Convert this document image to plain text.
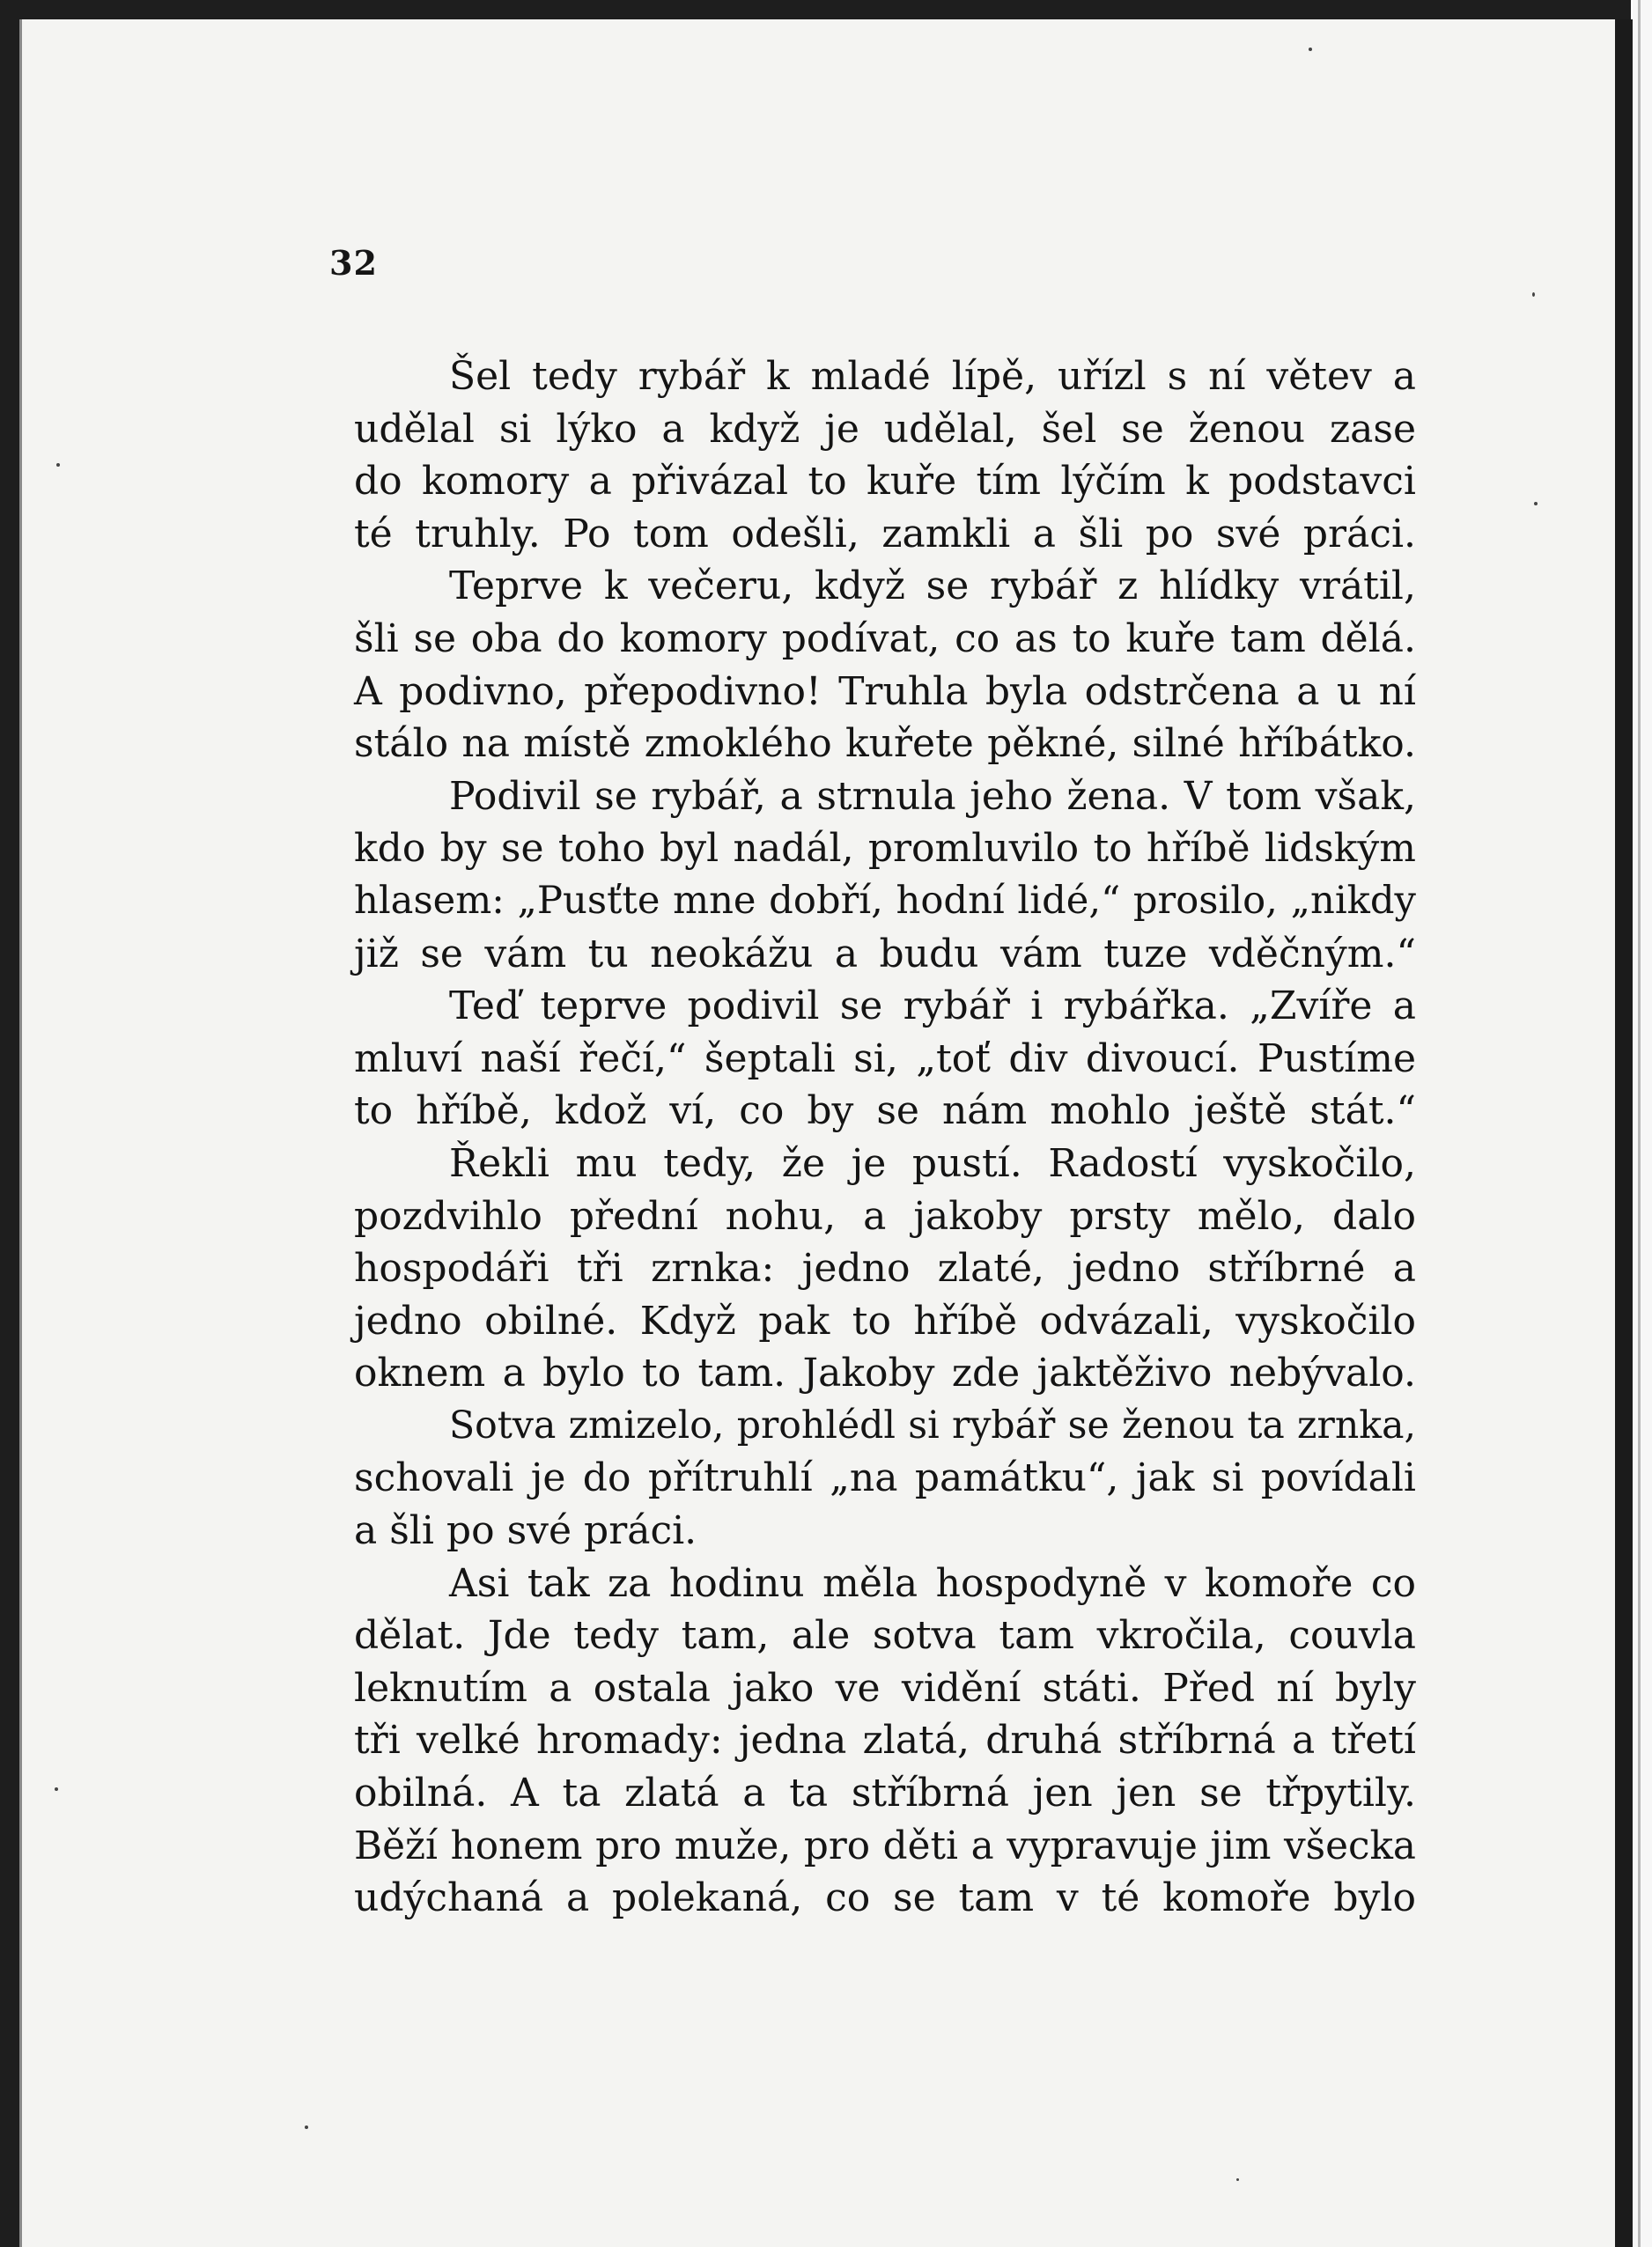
32
Šel tedy rybář k mladé lípě, uřízl s ní větev a
udělal si lýko a když je udělal, šel se ženou zase
do komory a přivázal to kuře tím lýčím k podstavci
té truhly. Po tom odešli, zamkli a šli po své práci.
Teprve k večeru, když se rybář z hlídky vrátil,
šli se oba do komory podívat, co as to kuře tam dělá.
A podivno, přepodivno! Truhla byla odstrčena a u ní
stálo na místě zmoklého kuřete pěkné, silné hříbátko.
Podivil se rybář, a strnula jeho žena. V tom však,
kdo by se toho byl nadál, promluvilo to hříbě lidským
hlasem: „Pusťte mne dobří, hodní lidé,“ prosilo, „nikdy
již se vám tu neokážu a budu vám tuze vděčným.“
Teď teprve podivil se rybář i rybářka. „Zvíře a
mluví naší řečí,“ šeptali si, „toť div divoucí. Pustíme
to hříbě, kdož ví, co by se nám mohlo ještě stát.“
Řekli mu tedy, že je pustí. Radostí vyskočilo,
pozdvihlo přední nohu, a jakoby prsty mělo, dalo
hospodáři tři zrnka: jedno zlaté, jedno stříbrné a
jedno obilné. Když pak to hříbě odvázali, vyskočilo
oknem a bylo to tam. Jakoby zde jaktěživo nebývalo.
Sotva zmizelo, prohlédl si rybář se ženou ta zrnka,
schovali je do přítruhlí „na památku“, jak si povídali
a šli po své práci.
Asi tak za hodinu měla hospodyně v komoře co
dělat. Jde tedy tam, ale sotva tam vkročila, couvla
leknutím a ostala jako ve vidění státi. Před ní byly
tři velké hromady: jedna zlatá, druhá stříbrná a třetí
obilná. A ta zlatá a ta stříbrná jen jen se třpytily.
Běží honem pro muže, pro děti a vypravuje jim všecka
udýchaná a polekaná, co se tam v té komoře bylo
